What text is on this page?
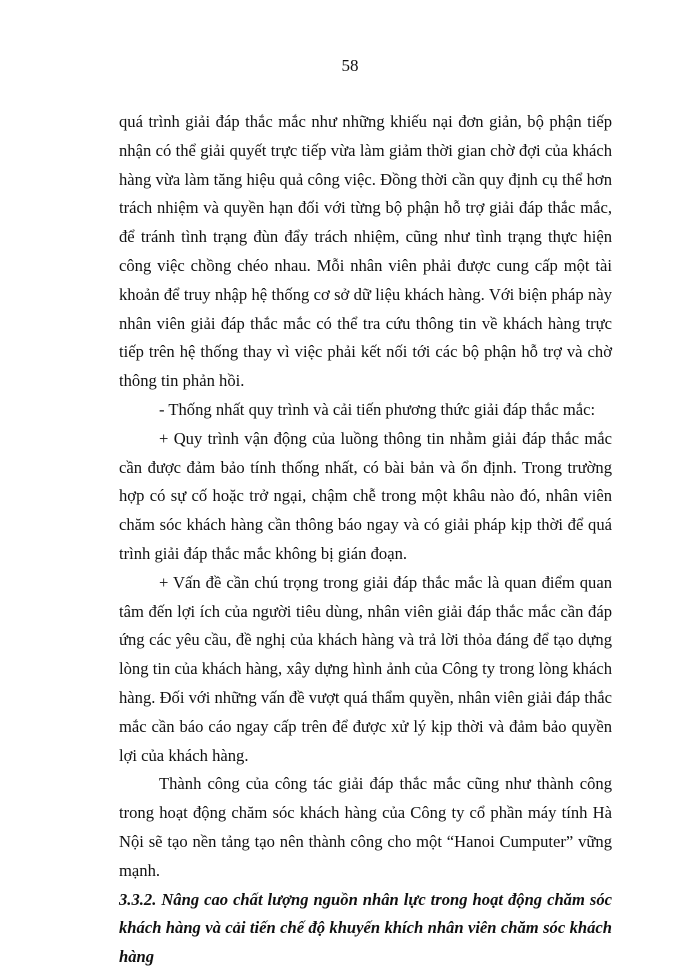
58

quá trình giải đáp thắc mắc như những khiếu nại đơn giản, bộ phận tiếp nhận có thể giải quyết trực tiếp vừa làm giảm thời gian chờ đợi của khách hàng vừa làm tăng hiệu quả công việc. Đồng thời cần quy định cụ thể hơn trách nhiệm và quyền hạn đối với từng bộ phận hỗ trợ giải đáp thắc mắc, để tránh tình trạng đùn đẩy trách nhiệm, cũng như tình trạng thực hiện công việc chồng chéo nhau. Mỗi nhân viên phải được cung cấp một tài khoản để truy nhập hệ thống cơ sở dữ liệu khách hàng. Với biện pháp này nhân viên giải đáp thắc mắc có thể tra cứu thông tin về khách hàng trực tiếp trên hệ thống thay vì việc phải kết nối tới các bộ phận hỗ trợ và chờ thông tin phản hồi.

- Thống nhất quy trình và cải tiến phương thức giải đáp thắc mắc:

+ Quy trình vận động của luồng thông tin nhằm giải đáp thắc mắc cần được đảm bảo tính thống nhất, có bài bản và ổn định. Trong trường hợp có sự cố hoặc trở ngại, chậm chễ trong một khâu nào đó, nhân viên chăm sóc khách hàng cần thông báo ngay và có giải pháp kịp thời để quá trình giải đáp thắc mắc không bị gián đoạn.

+ Vấn đề cần chú trọng trong giải đáp thắc mắc là quan điểm quan tâm đến lợi ích của người tiêu dùng, nhân viên giải đáp thắc mắc cần đáp ứng các yêu cầu, đề nghị của khách hàng và trả lời thỏa đáng để tạo dựng lòng tin của khách hàng, xây dựng hình ảnh của Công ty trong lòng khách hàng. Đối với những vấn đề vượt quá thẩm quyền, nhân viên giải đáp thắc mắc cần báo cáo ngay cấp trên để được xử lý kịp thời và đảm bảo quyền lợi của khách hàng.

Thành công của công tác giải đáp thắc mắc cũng như thành công trong hoạt động chăm sóc khách hàng của Công ty cổ phần máy tính Hà Nội sẽ tạo nền tảng tạo nên thành công cho một “Hanoi Cumputer” vững mạnh.

3.3.2. Nâng cao chất lượng nguồn nhân lực trong hoạt động chăm sóc khách hàng và cải tiến chế độ khuyến khích nhân viên chăm sóc khách hàng
